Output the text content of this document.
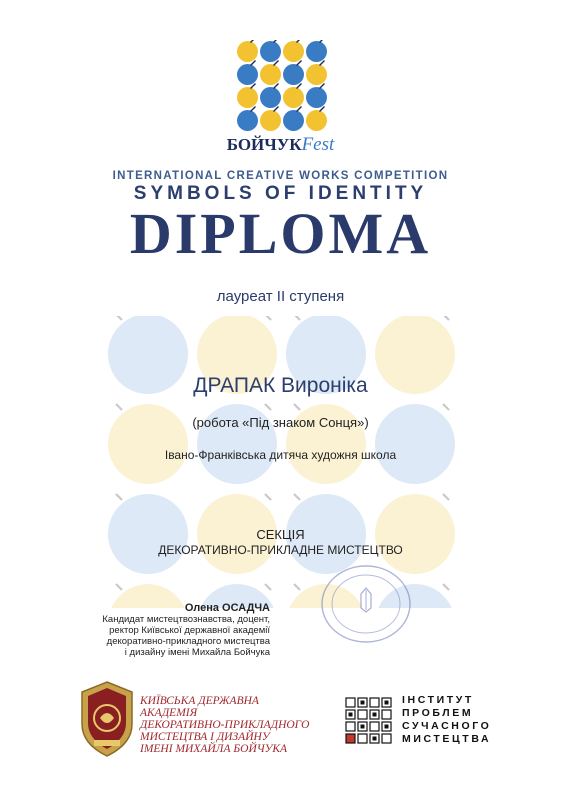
БОЙЧУКFest
INTERNATIONAL CREATIVE WORKS COMPETITION
SYMBOLS OF IDENTITY
DIPLOMA
лауреат ІІ ступеня
ДРАПАК Вироніка
(робота «Під знаком Сонця»)
Івано-Франківська дитяча художня школа
СЕКЦІЯ
ДЕКОРАТИВНО-ПРИКЛАДНЕ МИСТЕЦТВО
Олена ОСАДЧА
Кандидат мистецтвознавства, доцент,
ректор Київської державної академії
декоративно-прикладного мистецтва
і дизайну імені Михайла Бойчука
КИЇВСЬКА ДЕРЖАВНА АКАДЕМІЯ
ДЕКОРАТИВНО-ПРИКЛАДНОГО
МИСТЕЦТВА І ДИЗАЙНУ
ІМЕНІ МИХАЙЛА БОЙЧУКА
ІНСТИТУТ
ПРОБЛЕМ
СУЧАСНОГО
МИСТЕЦТВА
